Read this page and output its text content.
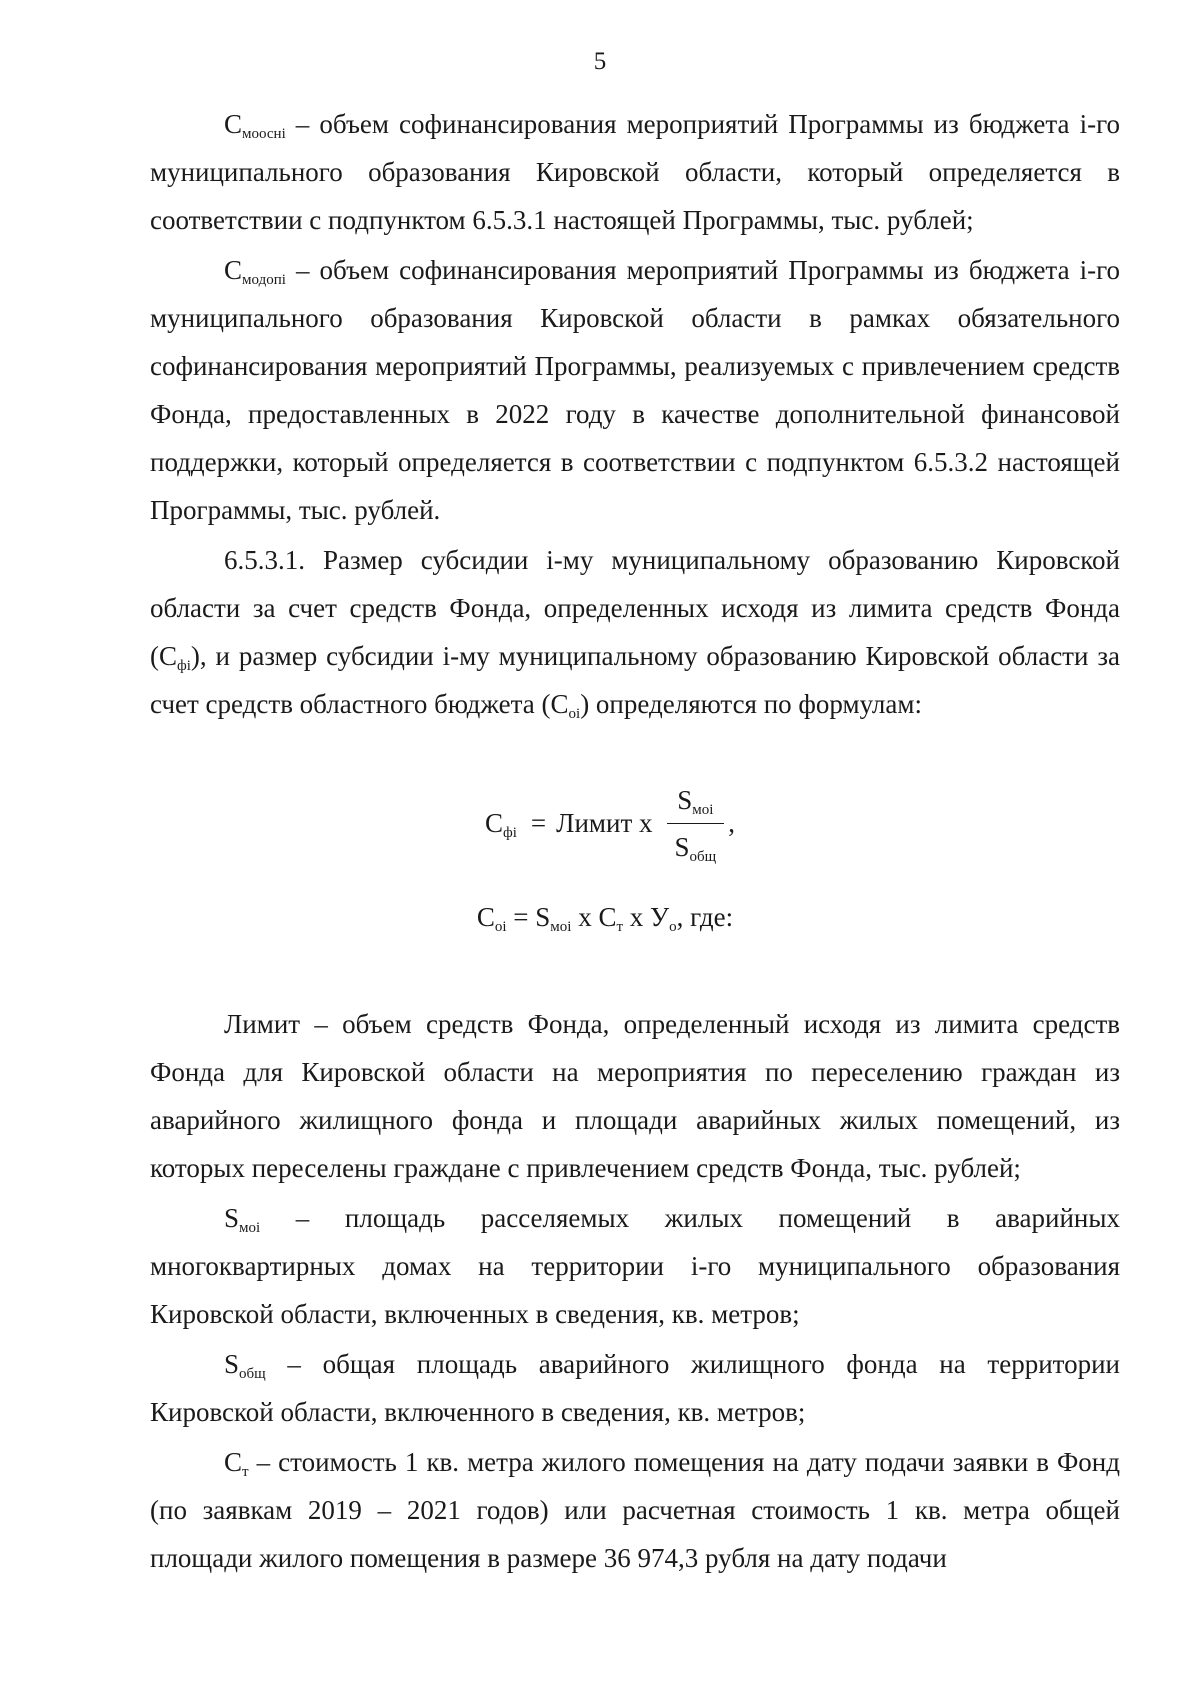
5

$С_{моосні}$ – объем софинансирования мероприятий Программы из бюджета і-го муниципального образования Кировской области, который определяется в соответствии с подпунктом 6.5.3.1 настоящей Программы, тыс. рублей;

$С_{модопі}$ – объем софинансирования мероприятий Программы из бюджета і-го муниципального образования Кировской области в рамках обязательного софинансирования мероприятий Программы, реализуемых с привлечением средств Фонда, предоставленных в 2022 году в качестве дополнительной финансовой поддержки, который определяется в соответствии с подпунктом 6.5.3.2 настоящей Программы, тыс. рублей.

6.5.3.1. Размер субсидии і-му муниципальному образованию Кировской области за счет средств Фонда, определенных исходя из лимита средств Фонда $(С_{фі})$, и размер субсидии і-му муниципальному образованию Кировской области за счет средств областного бюджета $(С_{оі})$ определяются по формулам:

$С_{фі}$ = Лимит х $\frac{S_{моі}}{S_{общ}}$ ,
$С_{оі} = S_{моі}$ х $С_т$ х $У_о$, где:

Лимит – объем средств Фонда, определенный исходя из лимита средств Фонда для Кировской области на мероприятия по переселению граждан из аварийного жилищного фонда и площади аварийных жилых помещений, из которых переселены граждане с привлечением средств Фонда, тыс. рублей;

$S_{моі}$ – площадь расселяемых жилых помещений в аварийных многоквартирных домах на территории і-го муниципального образования Кировской области, включенных в сведения, кв. метров;

$S_{общ}$ – общая площадь аварийного жилищного фонда на территории Кировской области, включенного в сведения, кв. метров;

$С_т$ – стоимость 1 кв. метра жилого помещения на дату подачи заявки в Фонд (по заявкам 2019 – 2021 годов) или расчетная стоимость 1 кв. метра общей площади жилого помещения в размере 36 974,3 рубля на дату подачи
